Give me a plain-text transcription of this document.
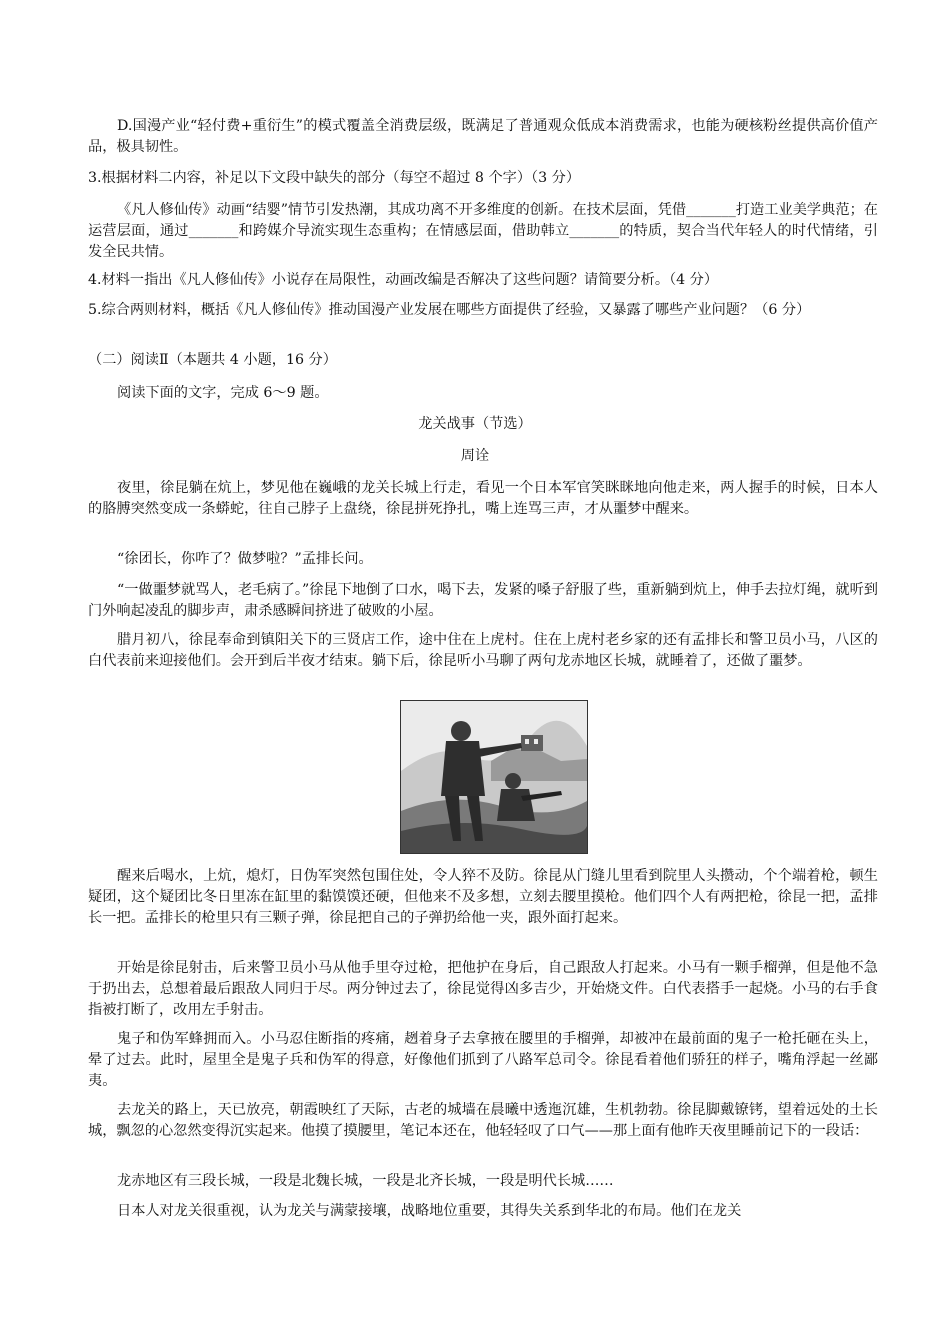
D.国漫产业“轻付费+重衍生”的模式覆盖全消费层级，既满足了普通观众低成本消费需求，也能为硬核粉丝提供高价值产品，极具韧性。

3.根据材料二内容，补足以下文段中缺失的部分（每空不超过 8 个字）（3 分）

《凡人修仙传》动画“结婴”情节引发热潮，其成功离不开多维度的创新。在技术层面，凭借_______打造工业美学典范；在运营层面，通过_______和跨媒介导流实现生态重构；在情感层面，借助韩立_______的特质，契合当代年轻人的时代情绪，引发全民共情。

4.材料一指出《凡人修仙传》小说存在局限性，动画改编是否解决了这些问题？请简要分析。（4 分）

5.综合两则材料，概括《凡人修仙传》推动国漫产业发展在哪些方面提供了经验，又暴露了哪些产业问题？（6 分）

（二）阅读Ⅱ（本题共 4 小题，16 分）

阅读下面的文字，完成 6～9 题。

龙关战事（节选）

周诠

夜里，徐昆躺在炕上，梦见他在巍峨的龙关长城上行走，看见一个日本军官笑眯眯地向他走来，两人握手的时候，日本人的胳膊突然变成一条蟒蛇，往自己脖子上盘绕，徐昆拼死挣扎，嘴上连骂三声，才从噩梦中醒来。

“徐团长，你咋了？做梦啦？”孟排长问。

“一做噩梦就骂人，老毛病了。”徐昆下地倒了口水，喝下去，发紧的嗓子舒服了些，重新躺到炕上，伸手去拉灯绳，就听到门外响起凌乱的脚步声，肃杀感瞬间挤进了破败的小屋。

腊月初八，徐昆奉命到镇阳关下的三贤店工作，途中住在上虎村。住在上虎村老乡家的还有孟排长和警卫员小马，八区的白代表前来迎接他们。会开到后半夜才结束。躺下后，徐昆听小马聊了两句龙赤地区长城，就睡着了，还做了噩梦。

醒来后喝水，上炕，熄灯，日伪军突然包围住处，令人猝不及防。徐昆从门缝儿里看到院里人头攒动，个个端着枪，顿生疑团，这个疑团比冬日里冻在缸里的黏馍馍还硬，但他来不及多想，立刻去腰里摸枪。他们四个人有两把枪，徐昆一把，孟排长一把。孟排长的枪里只有三颗子弹，徐昆把自己的子弹扔给他一夹，跟外面打起来。

开始是徐昆射击，后来警卫员小马从他手里夺过枪，把他护在身后，自己跟敌人打起来。小马有一颗手榴弹，但是他不急于扔出去，总想着最后跟敌人同归于尽。两分钟过去了，徐昆觉得凶多吉少，开始烧文件。白代表搭手一起烧。小马的右手食指被打断了，改用左手射击。

鬼子和伪军蜂拥而入。小马忍住断指的疼痛，趔着身子去拿掖在腰里的手榴弹，却被冲在最前面的鬼子一枪托砸在头上，晕了过去。此时，屋里全是鬼子兵和伪军的得意，好像他们抓到了八路军总司令。徐昆看着他们骄狂的样子，嘴角浮起一丝鄙夷。

去龙关的路上，天已放亮，朝霞映红了天际，古老的城墙在晨曦中透迤沉雄，生机勃勃。徐昆脚戴镣铐，望着远处的土长城，飘忽的心忽然变得沉实起来。他摸了摸腰里，笔记本还在，他轻轻叹了口气——那上面有他昨天夜里睡前记下的一段话：

龙赤地区有三段长城，一段是北魏长城，一段是北齐长城，一段是明代长城……

日本人对龙关很重视，认为龙关与满蒙接壤，战略地位重要，其得失关系到华北的布局。他们在龙关
